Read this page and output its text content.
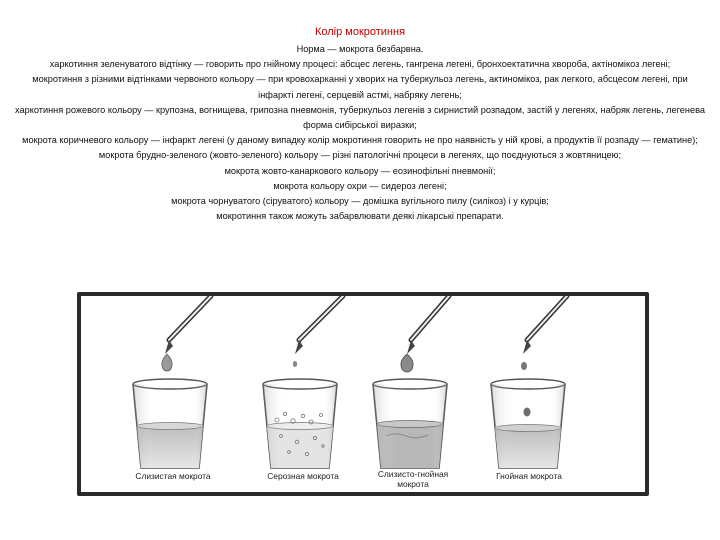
Колір мокротиння
Норма — мокрота безбарвна.
харкотиння зеленуватого відтінку — говорить про гнійному процесі: абсцес легень, гангрена легені, бронхоектатична хвороба, актіномікоз легені;
мокротиння з різними відтінками червоного кольору — при кровохарканні у хворих на туберкульоз легень, актиномікоз, рак легкого, абсцесом легені, при інфаркті легені, серцевій астмі, набряку легень;
харкотиння рожевого кольору — крупозна, вогнищева, грипозна пневмонія, туберкульоз легенів з сирнистий розпадом, застій у легенях, набряк легень, легенева форма сибірської виразки;
мокрота коричневого кольору — інфаркт легені (у даному випадку колір мокротиння говорить не про наявність у ній крові, а продуктів її розпаду — гематине);
мокрота брудно-зеленого (жовто-зеленого) кольору — різні патологічні процеси в легенях, що поєднуються з жовтяницею;
мокрота жовто-канаркового кольору — еозинофільні пневмонії;
мокрота кольору охри — сидероз легені;
мокрота чорнуватого (сіруватого) кольору — домішка вугільного пилу (силікоз) і у курців;
мокротиння також можуть забарвлювати деякі лікарські препарати.
Слизистая мокрота	Серозная мокрота	Слизисто-гнойная мокрота
Гнойная мокрота
